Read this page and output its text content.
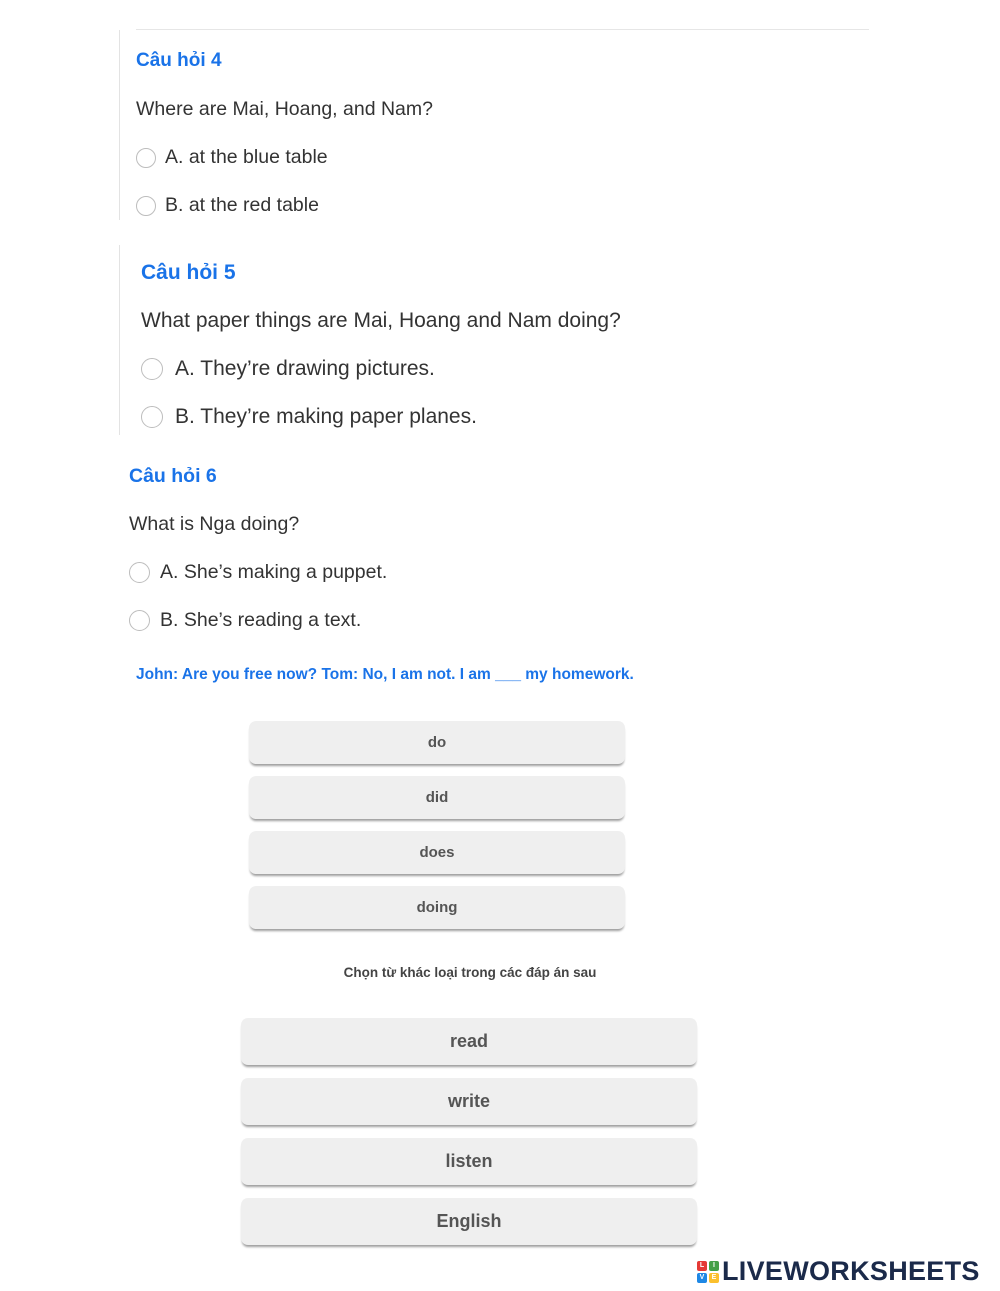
Câu hỏi 4
Where are Mai, Hoang, and Nam?
A. at the blue table
B. at the red table
Câu hỏi 5
What paper things are Mai, Hoang and Nam doing?
A. They’re drawing pictures.
B. They’re making paper planes.
Câu hỏi 6
What is Nga doing?
A. She’s making a puppet.
B. She’s reading a text.
John: Are you free now? Tom: No, I am not. I am ___ my homework.
do
did
does
doing
Chọn từ khác loại trong các đáp án sau
read
write
listen
English
L	I
V	E LIVEWORKSHEETS
